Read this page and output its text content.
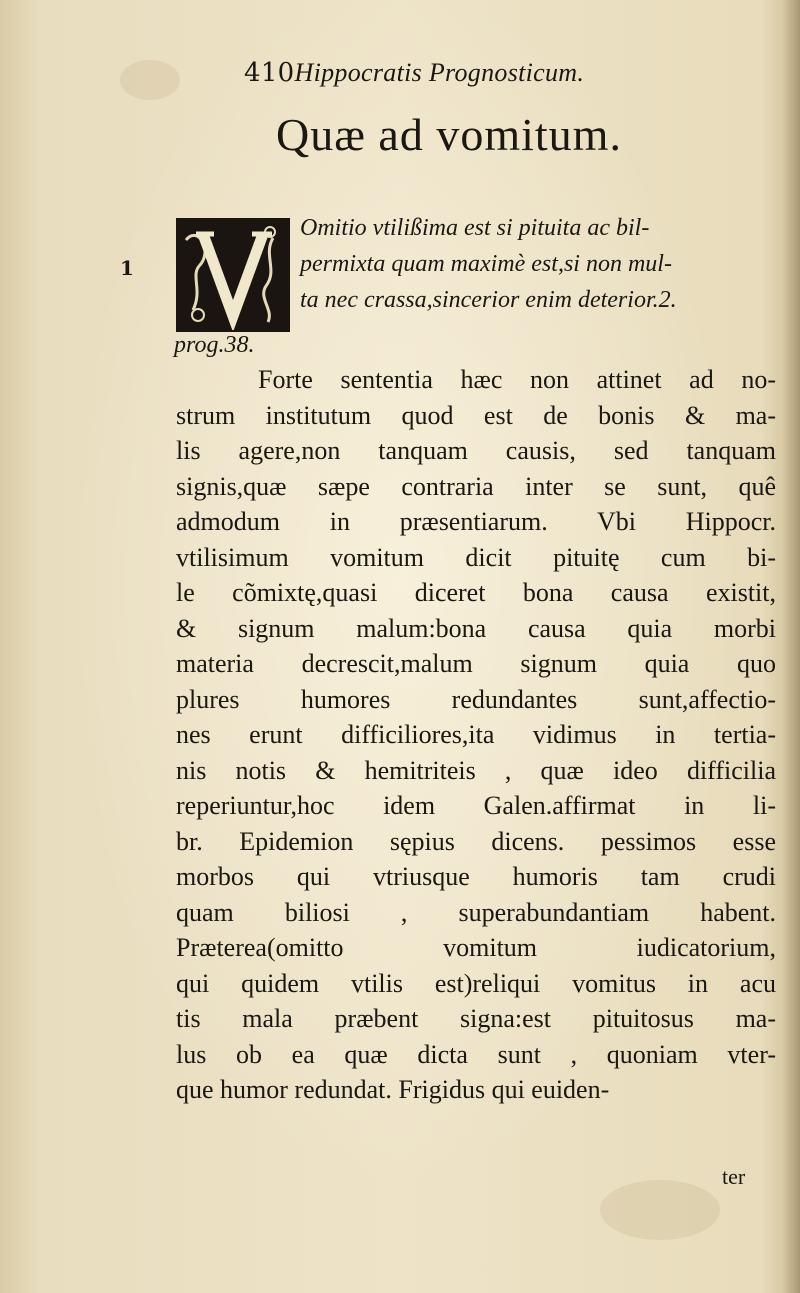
410Hippocratis Prognosticum.
Quæ ad vomitum.
1
Omitio vtilißima est si pituita ac bil-
permixta quam maximè est,si non mul-
ta nec crassa,sincerior enim deterior.2.
prog.38.
Forte sententia hæc non attinet ad no-
strum institutum quod est de bonis & ma-
lis agere,non tanquam causis, sed tanquam
signis,quæ sæpe contraria inter se sunt, quê
admodum in præsentiarum. Vbi Hippocr.
vtilisimum vomitum dicit pituitę cum bi-
le cõmixtę,quasi diceret bona causa existit,
& signum malum:bona causa quia morbi
materia decrescit,malum signum quia quo
plures humores redundantes sunt,affectio-
nes erunt difficiliores,ita vidimus in tertia-
nis notis & hemitriteis , quæ ideo difficilia
reperiuntur,hoc idem Galen.affirmat in li-
br. Epidemion sępius dicens. pessimos esse
morbos qui vtriusque humoris tam crudi
quam biliosi , superabundantiam habent.
Præterea(omitto vomitum iudicatorium,
qui quidem vtilis est)reliqui vomitus in acu
tis mala præbent signa:est pituitosus ma-
lus ob ea quæ dicta sunt , quoniam vter-
que humor redundat. Frigidus qui euiden-
ter
